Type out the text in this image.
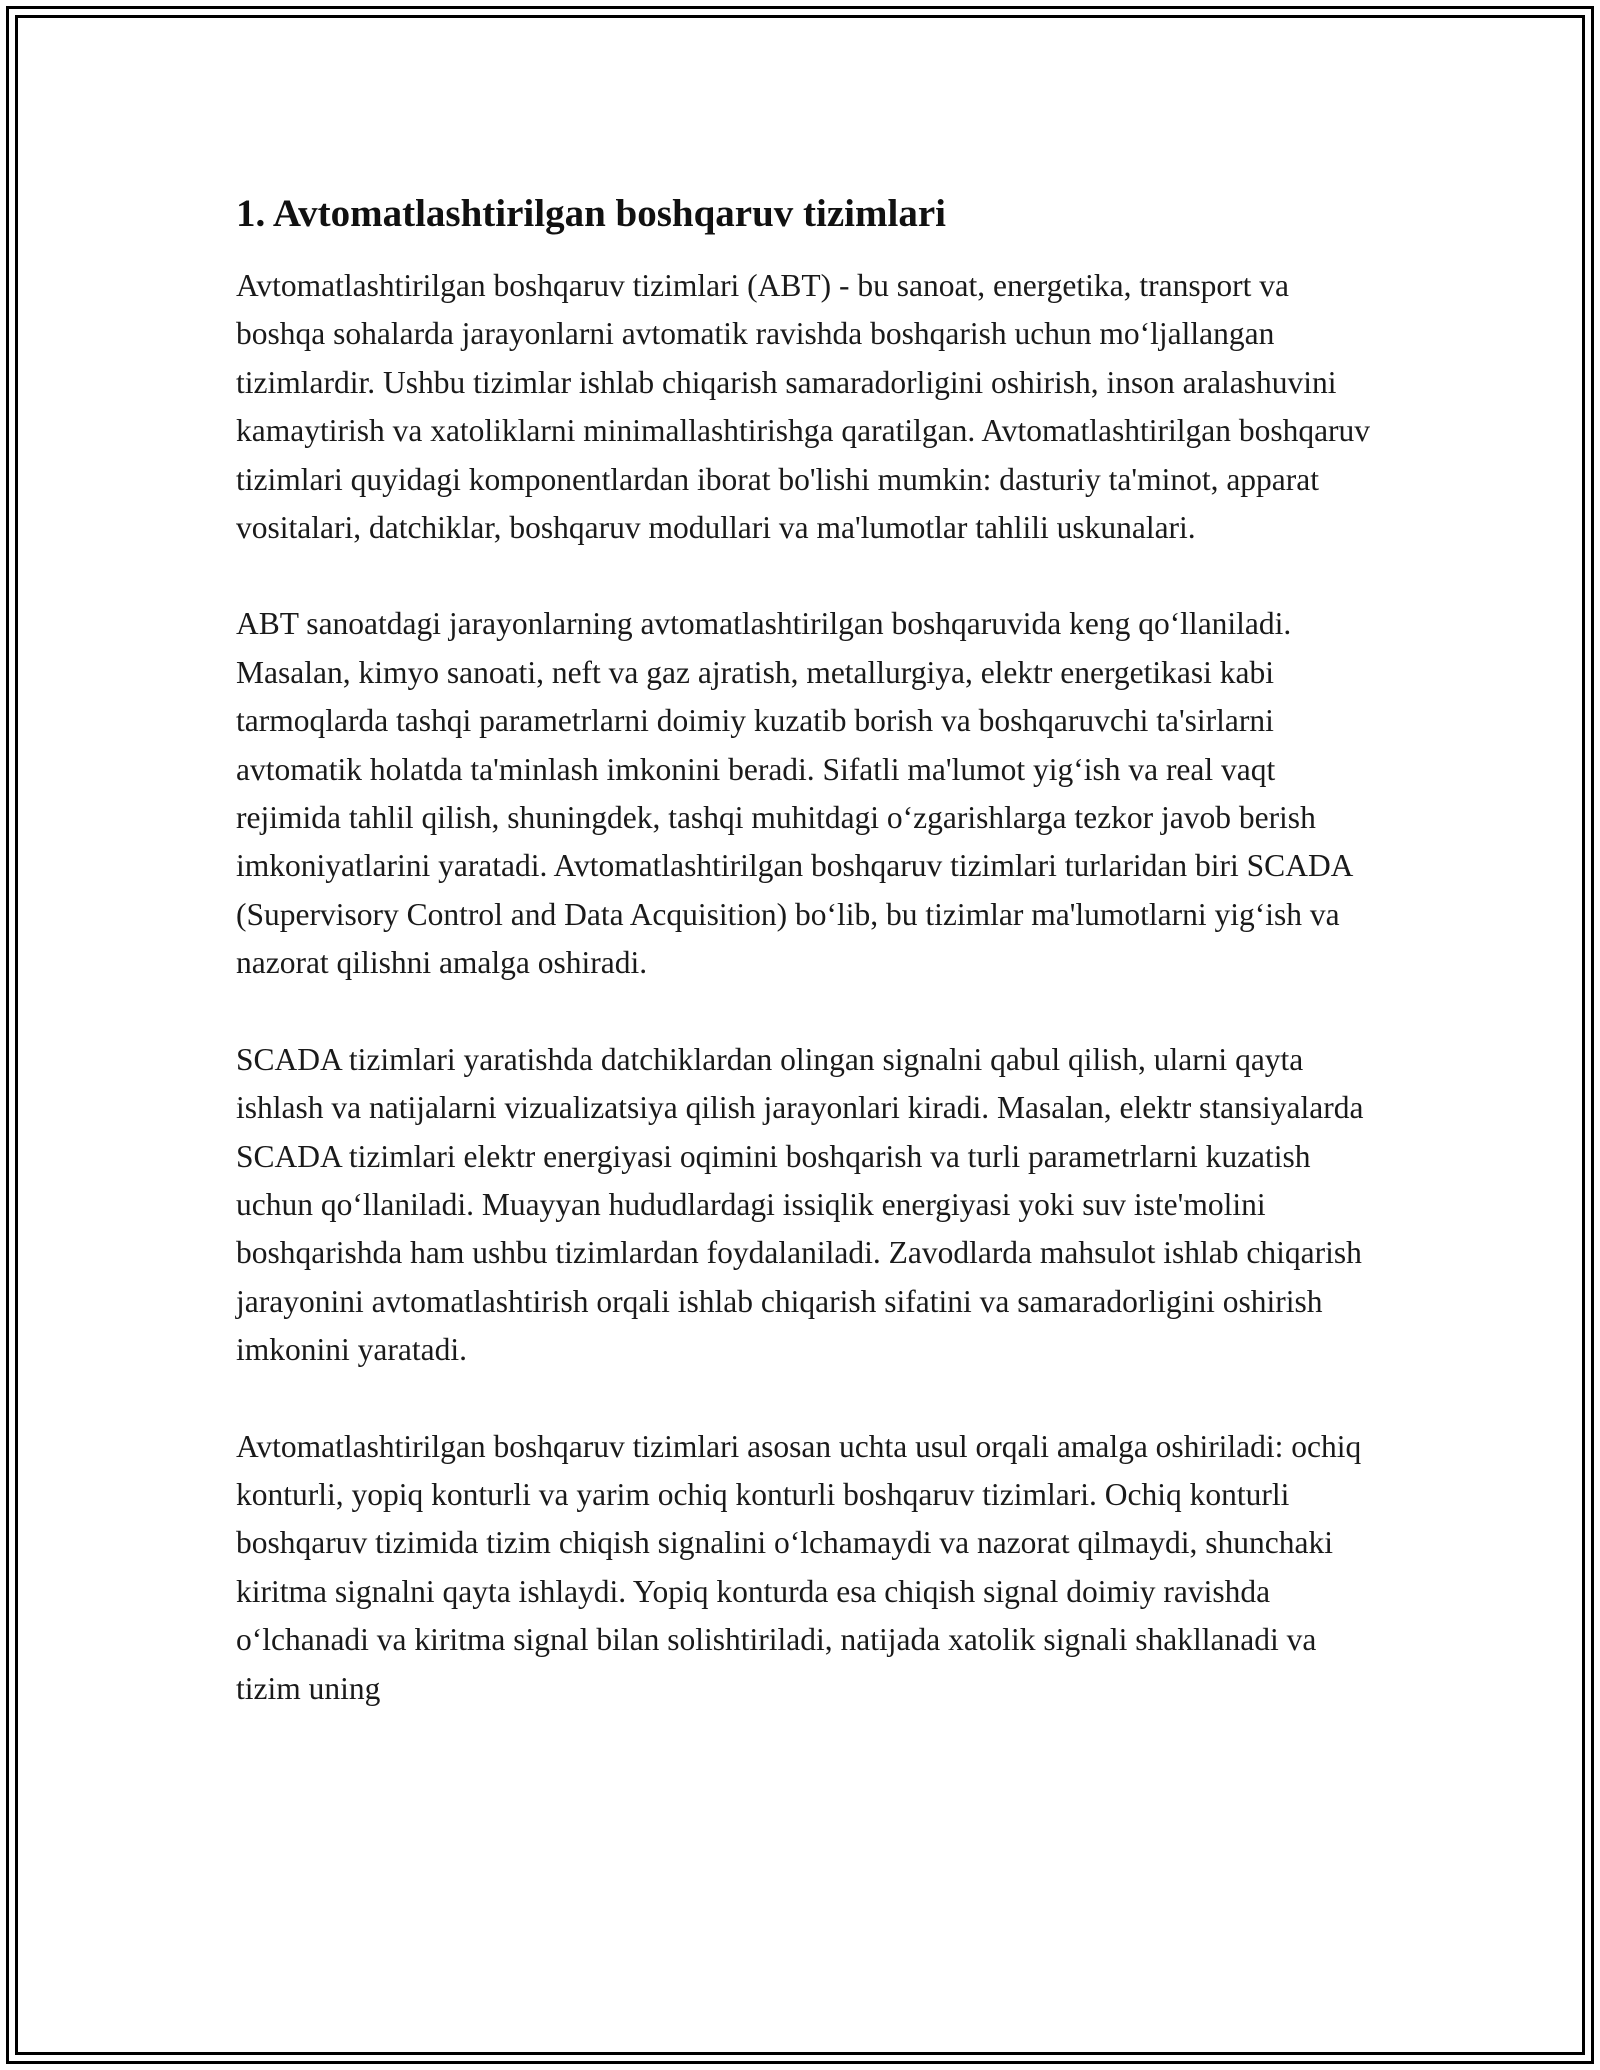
1. Avtomatlashtirilgan boshqaruv tizimlari

Avtomatlashtirilgan boshqaruv tizimlari (ABT) - bu sanoat, energetika, transport va boshqa sohalarda jarayonlarni avtomatik ravishda boshqarish uchun moʻljallangan tizimlardir. Ushbu tizimlar ishlab chiqarish samaradorligini oshirish, inson aralashuvini kamaytirish va xatoliklarni minimallashtirishga qaratilgan. Avtomatlashtirilgan boshqaruv tizimlari quyidagi komponentlardan iborat bo'lishi mumkin: dasturiy ta'minot, apparat vositalari, datchiklar, boshqaruv modullari va ma'lumotlar tahlili uskunalari.

ABT sanoatdagi jarayonlarning avtomatlashtirilgan boshqaruvida keng qoʻllaniladi. Masalan, kimyo sanoati, neft va gaz ajratish, metallurgiya, elektr energetikasi kabi tarmoqlarda tashqi parametrlarni doimiy kuzatib borish va boshqaruvchi ta'sirlarni avtomatik holatda ta'minlash imkonini beradi. Sifatli ma'lumot yigʻish va real vaqt rejimida tahlil qilish, shuningdek, tashqi muhitdagi oʻzgarishlarga tezkor javob berish imkoniyatlarini yaratadi. Avtomatlashtirilgan boshqaruv tizimlari turlaridan biri SCADA (Supervisory Control and Data Acquisition) boʻlib, bu tizimlar ma'lumotlarni yigʻish va nazorat qilishni amalga oshiradi.

SCADA tizimlari yaratishda datchiklardan olingan signalni qabul qilish, ularni qayta ishlash va natijalarni vizualizatsiya qilish jarayonlari kiradi. Masalan, elektr stansiyalarda SCADA tizimlari elektr energiyasi oqimini boshqarish va turli parametrlarni kuzatish uchun qoʻllaniladi. Muayyan hududlardagi issiqlik energiyasi yoki suv iste'molini boshqarishda ham ushbu tizimlardan foydalaniladi. Zavodlarda mahsulot ishlab chiqarish jarayonini avtomatlashtirish orqali ishlab chiqarish sifatini va samaradorligini oshirish imkonini yaratadi.

Avtomatlashtirilgan boshqaruv tizimlari asosan uchta usul orqali amalga oshiriladi: ochiq konturli, yopiq konturli va yarim ochiq konturli boshqaruv tizimlari. Ochiq konturli boshqaruv tizimida tizim chiqish signalini oʻlchamaydi va nazorat qilmaydi, shunchaki kiritma signalni qayta ishlaydi. Yopiq konturda esa chiqish signal doimiy ravishda oʻlchanadi va kiritma signal bilan solishtiriladi, natijada xatolik signali shakllanadi va tizim uning
